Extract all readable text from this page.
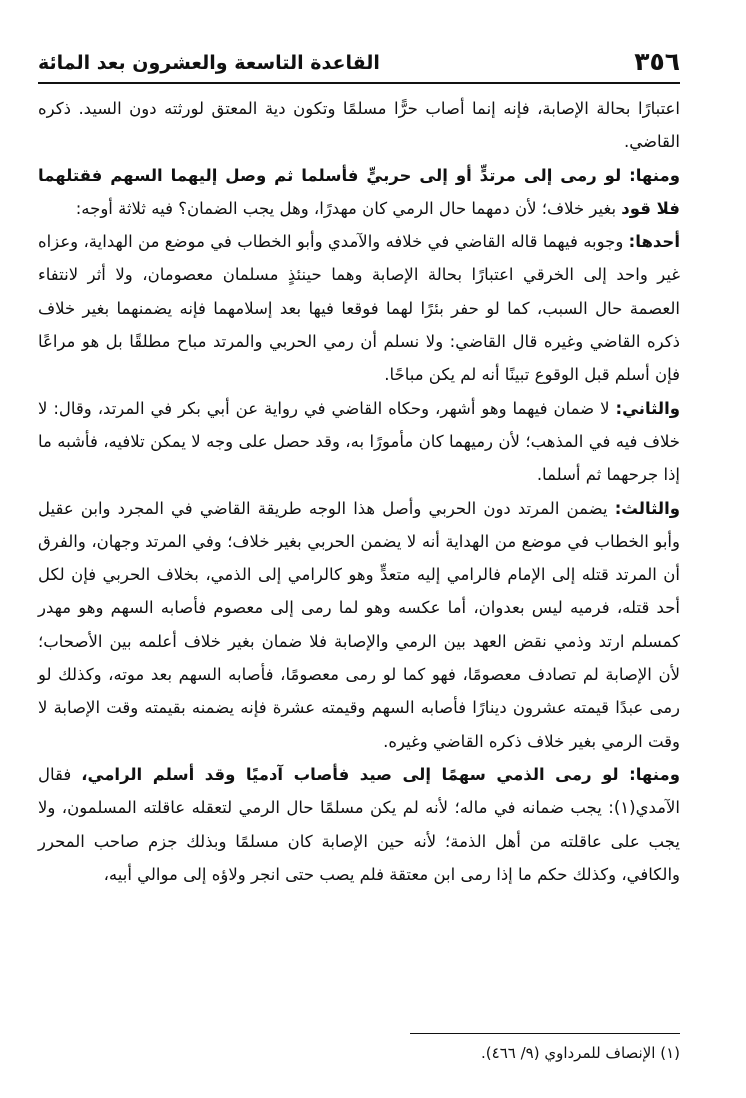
٣٥٦
القاعدة التاسعة والعشرون بعد المائة

اعتبارًا بحالة الإصابة، فإنه إنما أصاب حرًّا مسلمًا وتكون دية المعتق لورثته دون السيد. ذكره القاضي.

ومنها: لو رمى إلى مرتدٍّ أو إلى حربيٍّ فأسلما ثم وصل إليهما السهم فقتلهما فلا قود بغير خلاف؛ لأن دمهما حال الرمي كان مهدرًا، وهل يجب الضمان؟ فيه ثلاثة أوجه:

أحدها: وجوبه فيهما قاله القاضي في خلافه والآمدي وأبو الخطاب في موضع من الهداية، وعزاه غير واحد إلى الخرقي اعتبارًا بحالة الإصابة وهما حينئذٍ مسلمان معصومان، ولا أثر لانتفاء العصمة حال السبب، كما لو حفر بئرًا لهما فوقعا فيها بعد إسلامهما فإنه يضمنهما بغير خلاف ذكره القاضي وغيره قال القاضي: ولا نسلم أن رمي الحربي والمرتد مباح مطلقًا بل هو مراعًا فإن أسلم قبل الوقوع تبينًا أنه لم يكن مباحًا.

والثاني: لا ضمان فيهما وهو أشهر، وحكاه القاضي في رواية عن أبي بكر في المرتد، وقال: لا خلاف فيه في المذهب؛ لأن رميهما كان مأمورًا به، وقد حصل على وجه لا يمكن تلافيه، فأشبه ما إذا جرحهما ثم أسلما.

والثالث: يضمن المرتد دون الحربي وأصل هذا الوجه طريقة القاضي في المجرد وابن عقيل وأبو الخطاب في موضع من الهداية أنه لا يضمن الحربي بغير خلاف؛ وفي المرتد وجهان، والفرق أن المرتد قتله إلى الإمام فالرامي إليه متعدٍّ وهو كالرامي إلى الذمي، بخلاف الحربي فإن لكل أحد قتله، فرميه ليس بعدوان، أما عكسه وهو لما رمى إلى معصوم فأصابه السهم وهو مهدر كمسلم ارتد وذمي نقض العهد بين الرمي والإصابة فلا ضمان بغير خلاف أعلمه بين الأصحاب؛ لأن الإصابة لم تصادف معصومًا، فهو كما لو رمى معصومًا، فأصابه السهم بعد موته، وكذلك لو رمى عبدًا قيمته عشرون دينارًا فأصابه السهم وقيمته عشرة فإنه يضمنه بقيمته وقت الإصابة لا وقت الرمي بغير خلاف ذكره القاضي وغيره.

ومنها: لو رمى الذمي سهمًا إلى صيد فأصاب آدميًا وقد أسلم الرامي، فقال الآمدي(١): يجب ضمانه في ماله؛ لأنه لم يكن مسلمًا حال الرمي لتعقله عاقلته المسلمون، ولا يجب على عاقلته من أهل الذمة؛ لأنه حين الإصابة كان مسلمًا وبذلك جزم صاحب المحرر والكافي، وكذلك حكم ما إذا رمى ابن معتقة فلم يصب حتى انجر ولاؤه إلى موالي أبيه،

(١) الإنصاف للمرداوي (٩/ ٤٦٦).
